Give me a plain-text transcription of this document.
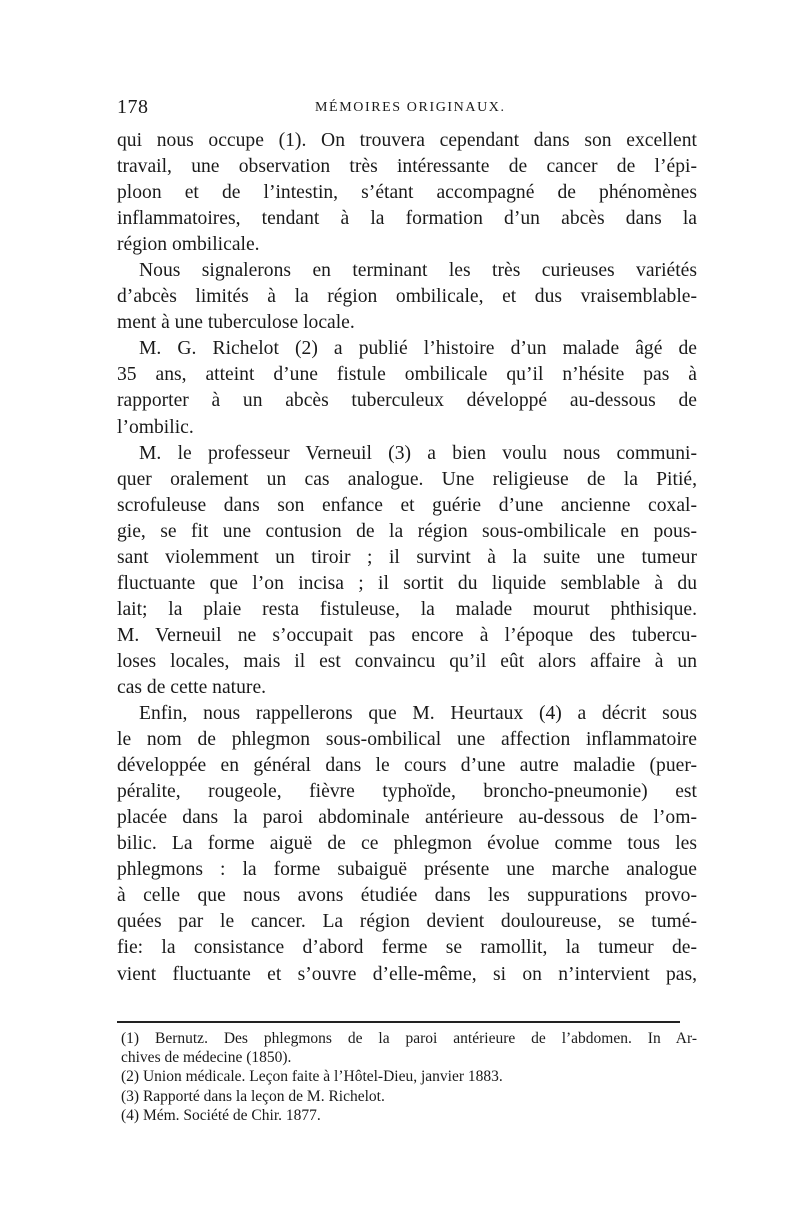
178	MÉMOIRES ORIGINAUX.
qui nous occupe (1). On trouvera cependant dans son excellent
travail, une observation très intéressante de cancer de l’épi-
ploon et de l’intestin, s’étant accompagné de phénomènes
inflammatoires, tendant à la formation d’un abcès dans la
région ombilicale.
Nous signalerons en terminant les très curieuses variétés
d’abcès limités à la région ombilicale, et dus vraisemblable-
ment à une tuberculose locale.
M. G. Richelot (2) a publié l’histoire d’un malade âgé de
35 ans, atteint d’une fistule ombilicale qu’il n’hésite pas à
rapporter à un abcès tuberculeux développé au-dessous de
l’ombilic.
M. le professeur Verneuil (3) a bien voulu nous communi-
quer oralement un cas analogue. Une religieuse de la Pitié,
scrofuleuse dans son enfance et guérie d’une ancienne coxal-
gie, se fit une contusion de la région sous-ombilicale en pous-
sant violemment un tiroir ; il survint à la suite une tumeur
fluctuante que l’on incisa ; il sortit du liquide semblable à du
lait; la plaie resta fistuleuse, la malade mourut phthisique.
M. Verneuil ne s’occupait pas encore à l’époque des tubercu-
loses locales, mais il est convaincu qu’il eût alors affaire à un
cas de cette nature.
Enfin, nous rappellerons que M. Heurtaux (4) a décrit sous
le nom de phlegmon sous-ombilical une affection inflammatoire
développée en général dans le cours d’une autre maladie (puer-
péralite, rougeole, fièvre typhoïde, broncho-pneumonie) est
placée dans la paroi abdominale antérieure au-dessous de l’om-
bilic. La forme aiguë de ce phlegmon évolue comme tous les
phlegmons : la forme subaiguë présente une marche analogue
à celle que nous avons étudiée dans les suppurations provo-
quées par le cancer. La région devient douloureuse, se tumé-
fie: la consistance d’abord ferme se ramollit, la tumeur de-
vient fluctuante et s’ouvre d’elle-même, si on n’intervient pas,
(1) Bernutz. Des phlegmons de la paroi antérieure de l’abdomen. In Ar-
chives de médecine (1850).
(2) Union médicale. Leçon faite à l’Hôtel-Dieu, janvier 1883.
(3) Rapporté dans la leçon de M. Richelot.
(4) Mém. Société de Chir. 1877.
